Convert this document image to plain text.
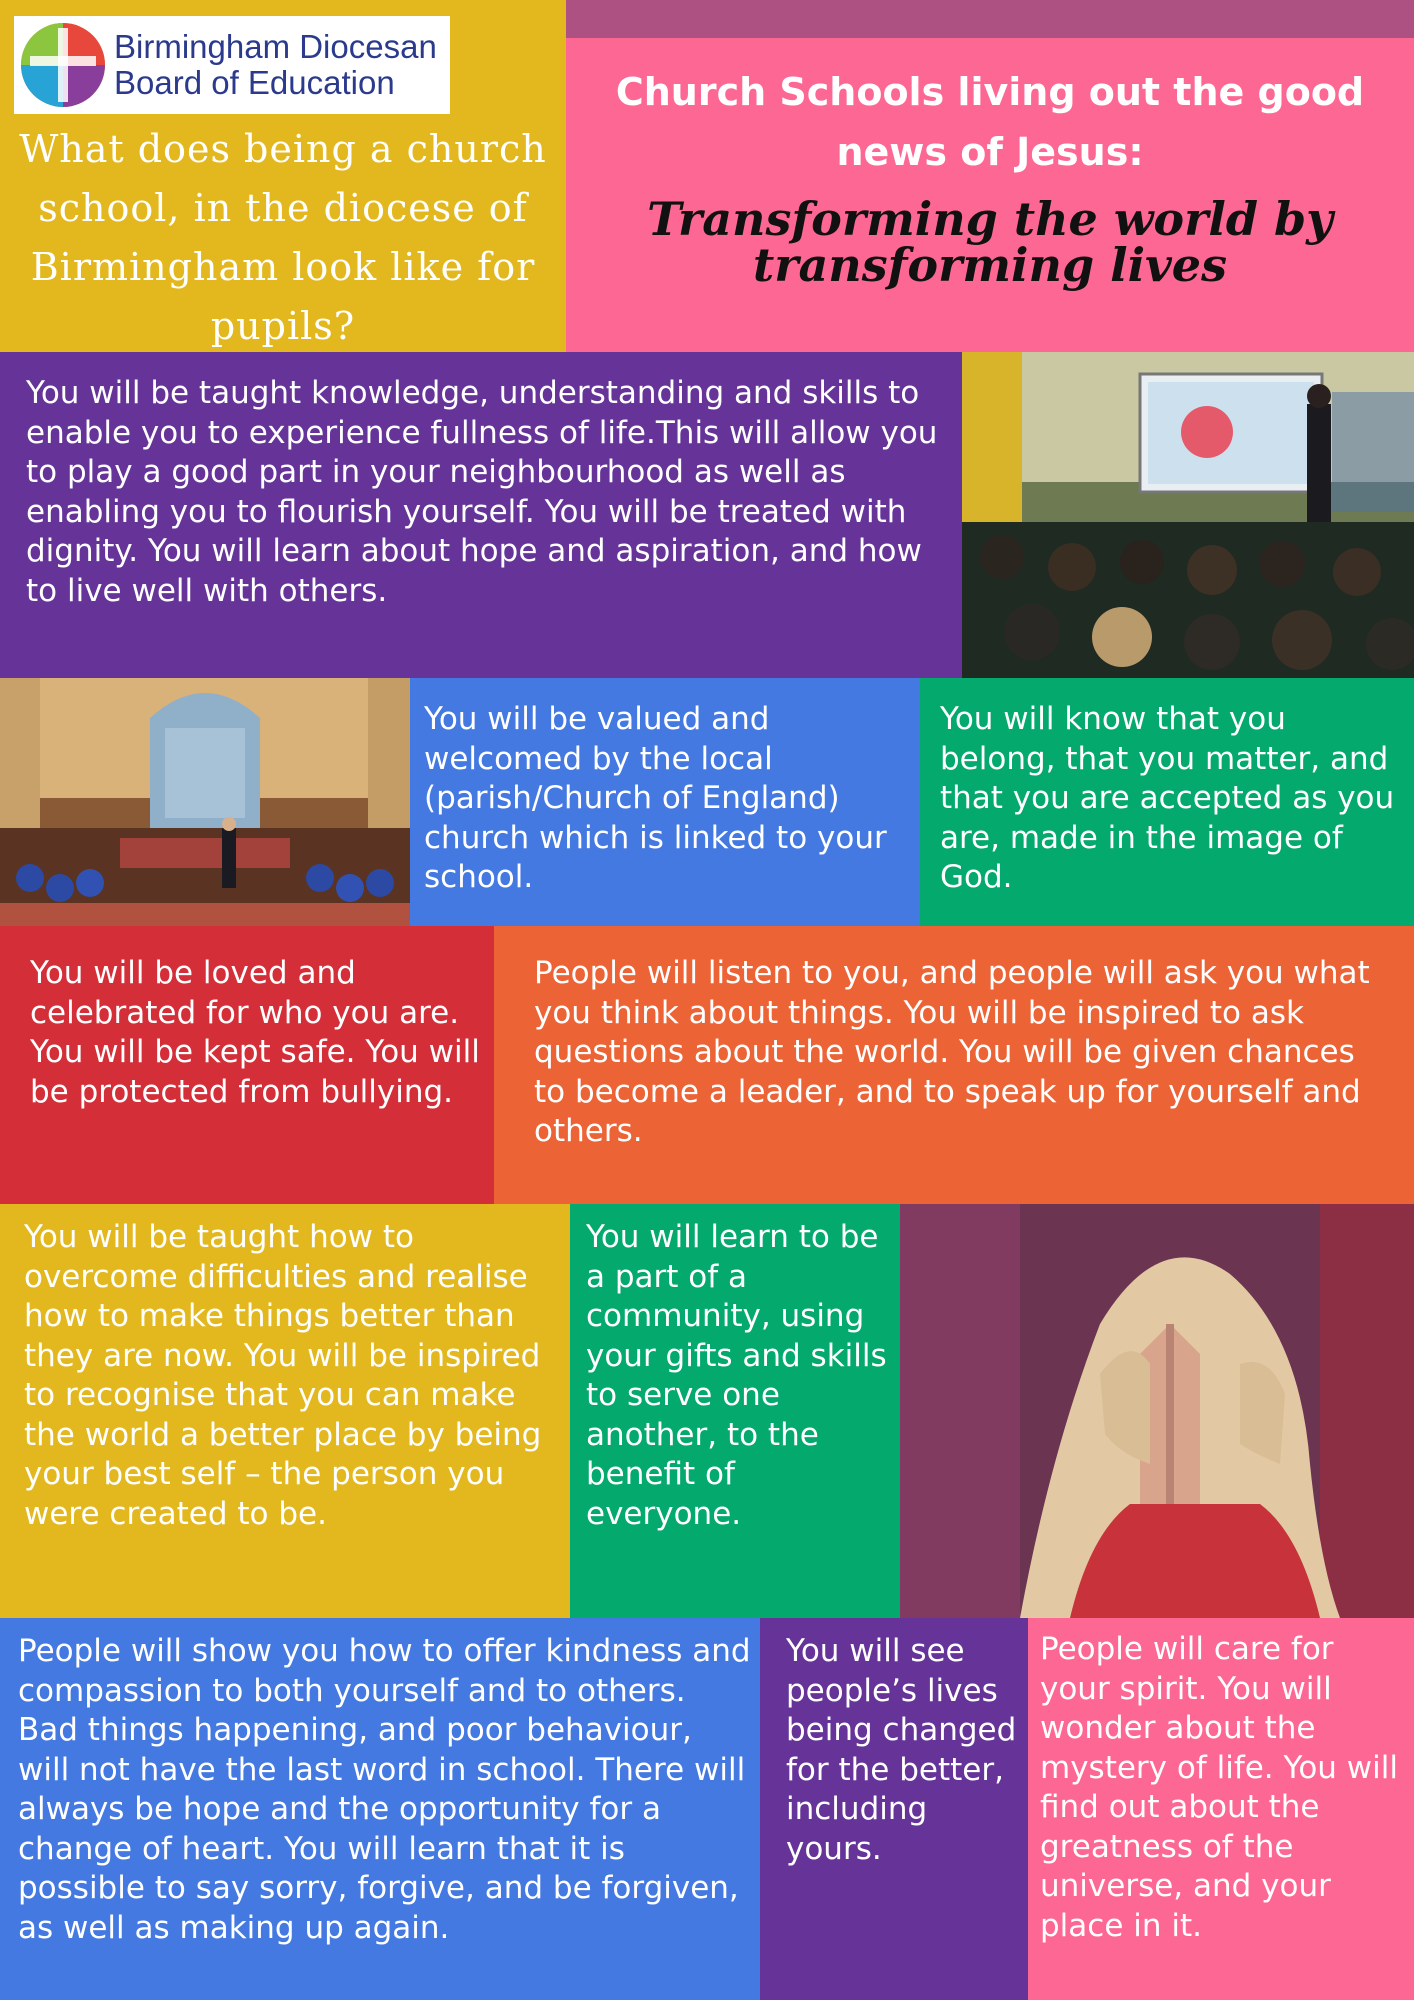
Birmingham Diocesan
Board of Education
What does being a church school, in the diocese of Birmingham look like for pupils?
Church Schools living out the good news of Jesus:
Transforming the world by transforming lives

You will be taught knowledge, understanding and skills to enable you to experience fullness of life.This will allow you to play a good part in your neighbourhood as well as enabling you to flourish yourself. You will be treated with dignity. You will learn about hope and aspiration, and how to live well with others.

You will be valued and welcomed by the local (parish/Church of England) church which is linked to your school.

You will know that you belong, that you matter, and that you are accepted as you are, made in the image of God.

You will be loved and celebrated for who you are. You will be kept safe. You will be protected from bullying.

People will listen to you, and people will ask you what you think about things. You will be inspired to ask questions about the world. You will be given chances to become a leader, and to speak up for yourself and others.

You will be taught how to overcome difficulties and realise how to make things better than they are now. You will be inspired to recognise that you can make the world a better place by being your best self – the person you were created to be.

You will learn to be a part of a community, using your gifts and skills to serve one another, to the benefit of everyone.

People will show you how to offer kindness and compassion to both yourself and to others. Bad things happening, and poor behaviour, will not have the last word in school. There will always be hope and the opportunity for a change of heart. You will learn that it is possible to say sorry, forgive, and be forgiven, as well as making up again.

You will see people’s lives being changed for the better, including yours.

People will care for your spirit. You will wonder about the mystery of life. You will find out about the greatness of the universe, and your place in it.
